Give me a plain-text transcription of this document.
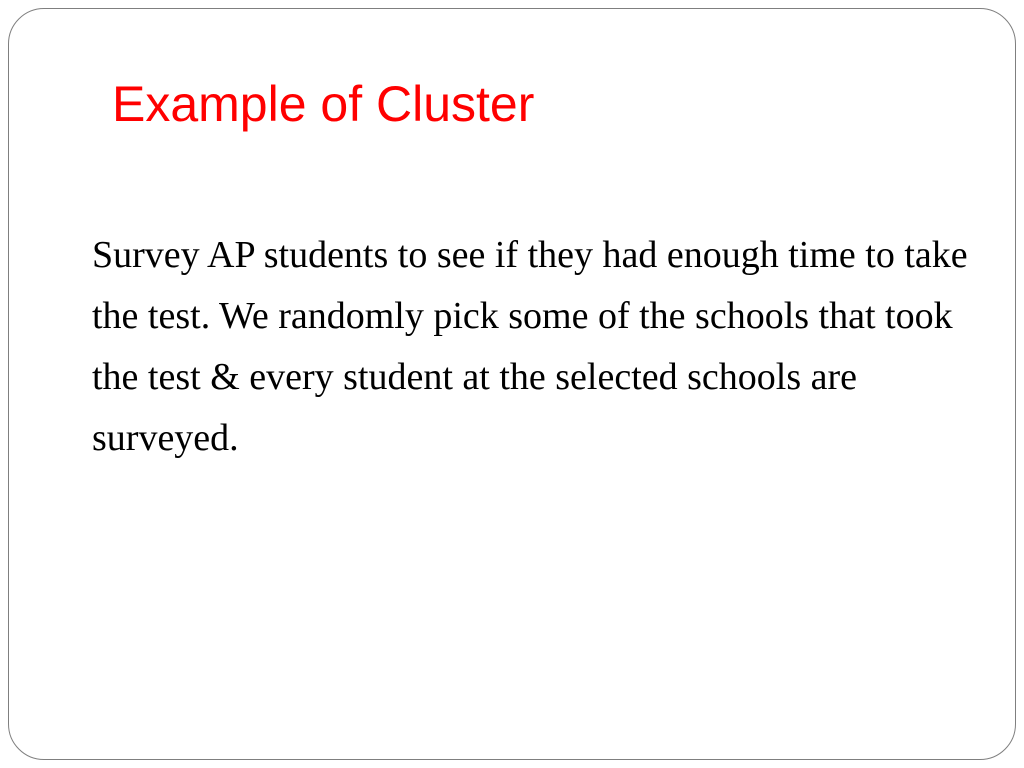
Example of Cluster

Survey AP students to see if they had enough time to take the test. We randomly pick some of the schools that took the test & every student at the selected schools are surveyed.
